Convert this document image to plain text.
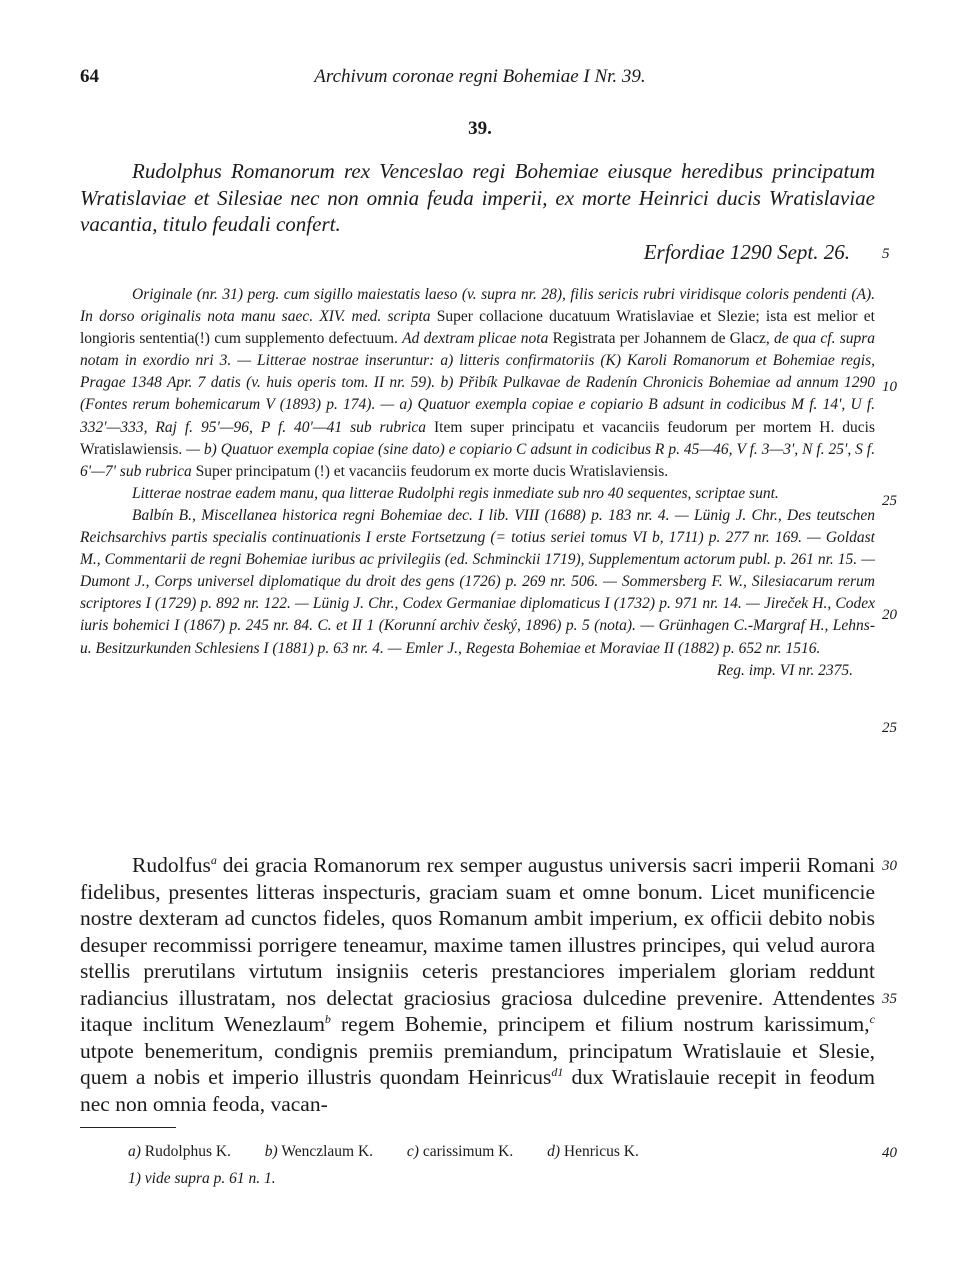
64	Archivum coronae regni Bohemiae I Nr. 39.
39.
Rudolphus Romanorum rex Venceslao regi Bohemiae eiusque heredibus principatum Wratislaviae et Silesiae nec non omnia feuda imperii, ex morte Heinrici ducis Wratislaviae vacantia, titulo feudali confert.
Erfordiae 1290 Sept. 26.

Originale (nr. 31) perg. cum sigillo maiestatis laeso (v. supra nr. 28), filis sericis rubri viridisque coloris pendenti (A). In dorso originalis nota manu saec. XIV. med. scripta Super collacione ducatuum Wratislaviae et Slezie; ista est melior et longioris sententia(!) cum supplemento defectuum. Ad dextram plicae nota Registrata per Johannem de Glacz, de qua cf. supra notam in exordio nri 3. — Litterae nostrae inseruntur: a) litteris confirmatoriis (K) Karoli Romanorum et Bohemiae regis, Pragae 1348 Apr. 7 datis (v. huis operis tom. II nr. 59). b) Přibík Pulkavae de Radenín Chronicis Bohemiae ad annum 1290 (Fontes rerum bohemicarum V (1893) p. 174). — a) Quatuor exempla copiae e copiario B adsunt in codicibus M f. 14', U f. 332'—333, Raj f. 95'—96, P f. 40'—41 sub rubrica Item super principatu et vacanciis feudorum per mortem H. ducis Wratislawiensis. — b) Quatuor exempla copiae (sine dato) e copiario C adsunt in codicibus R p. 45—46, V f. 3—3', N f. 25', S f. 6'—7' sub rubrica Super principatum (!) et vacanciis feudorum ex morte ducis Wratislaviensis.

Litterae nostrae eadem manu, qua litterae Rudolphi regis inmediate sub nro 40 sequentes, scriptae sunt.

Balbín B., Miscellanea historica regni Bohemiae dec. I lib. VIII (1688) p. 183 nr. 4. — Lünig J. Chr., Des teutschen Reichsarchivs partis specialis continuationis I erste Fortsetzung (= totius seriei tomus VI b, 1711) p. 277 nr. 169. — Goldast M., Commentarii de regni Bohemiae iuribus ac privilegiis (ed. Schminckii 1719), Supplementum actorum publ. p. 261 nr. 15. — Dumont J., Corps universel diplomatique du droit des gens (1726) p. 269 nr. 506. — Sommersberg F. W., Silesiacarum rerum scriptores I (1729) p. 892 nr. 122. — Lünig J. Chr., Codex Germaniae diplomaticus I (1732) p. 971 nr. 14. — Jireček H., Codex iuris bohemici I (1867) p. 245 nr. 84. C. et II 1 (Korunní archiv český, 1896) p. 5 (nota). — Grünhagen C.-Margraf H., Lehns- u. Besitzurkunden Schlesiens I (1881) p. 63 nr. 4. — Emler J., Regesta Bohemiae et Moraviae II (1882) p. 652 nr. 1516.

Reg. imp. VI nr. 2375.

Rudolfus$^a$ dei gracia Romanorum rex semper augustus universis sacri imperii Romani fidelibus, presentes litteras inspecturis, graciam suam et omne bonum. Licet munificencie nostre dexteram ad cunctos fideles, quos Romanum ambit imperium, ex officii debito nobis desuper recommissi porrigere teneamur, maxime tamen illustres principes, qui velud aurora stellis prerutilans virtutum insigniis ceteris prestanciores imperialem gloriam reddunt radiancius illustratam, nos delectat graciosius graciosa dulcedine prevenire. Attendentes itaque inclitum Wenezlaum$^b$ regem Bohemie, principem et filium nostrum karissimum,$^c$ utpote benemeritum, condignis premiis premiandum, principatum Wratislauie et Slesie, quem a nobis et imperio illustris quondam Heinricus$^{d1}$ dux Wratislauie recepit in feodum nec non omnia feoda, vacan-
5
10
25
20
25
30
35
40
a) Rudolphus K. b) Wenczlaum K. c) carissimum K. d) Henricus K.
1) vide supra p. 61 n. 1.
